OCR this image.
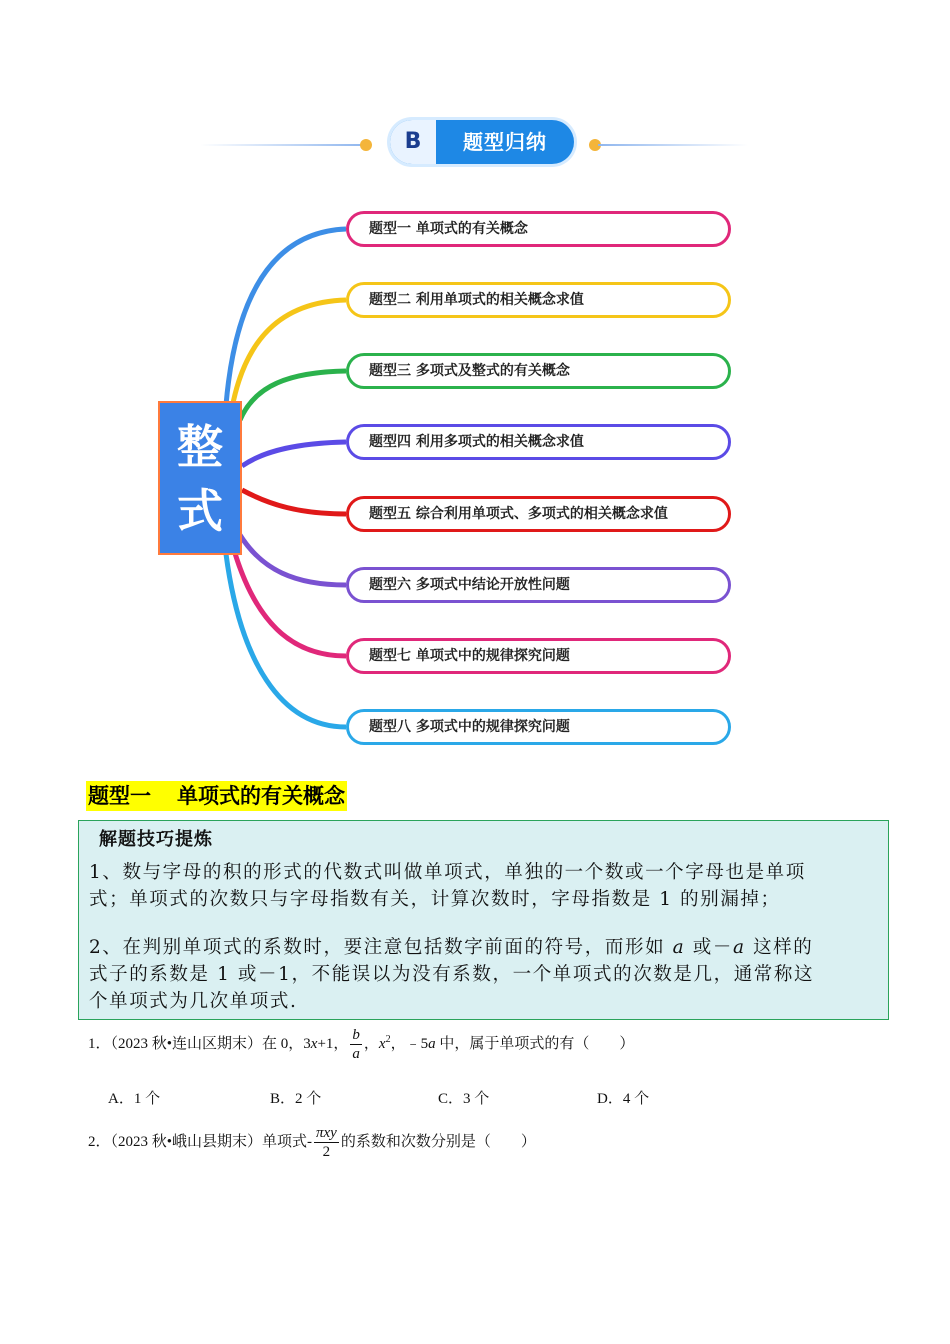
B	题型归纳
整
式
题型一 单项式的有关概念
题型二 利用单项式的相关概念求值
题型三 多项式及整式的有关概念
题型四 利用多项式的相关概念求值
题型五 综合利用单项式、多项式的相关概念求值
题型六 多项式中结论开放性问题
题型七 单项式中的规律探究问题
题型八 多项式中的规律探究问题
题型一 单项式的有关概念
解题技巧提炼
1、数与字母的积的形式的代数式叫做单项式，单独的一个数或一个字母也是单项
式；单项式的次数只与字母指数有关，计算次数时，字母指数是 1 的别漏掉；
2、在判别单项式的系数时，要注意包括数字前面的符号，而形如 a 或－a 这样的
式子的系数是 1 或－1，不能误以为没有系数，一个单项式的次数是几，通常称这
个单项式为几次单项式.
1．（2023 秋•连山区期末）在 0，3x+1， $\frac{b}{a}$ ，$x^2$，﹣5a 中，属于单项式的有（　　）
A．1 个	B．2 个	C．3 个	D．4 个
2．（2023 秋•峨山县期末）单项式- $\frac{\text{πxy}}{2}$ 的系数和次数分别是（　　）
